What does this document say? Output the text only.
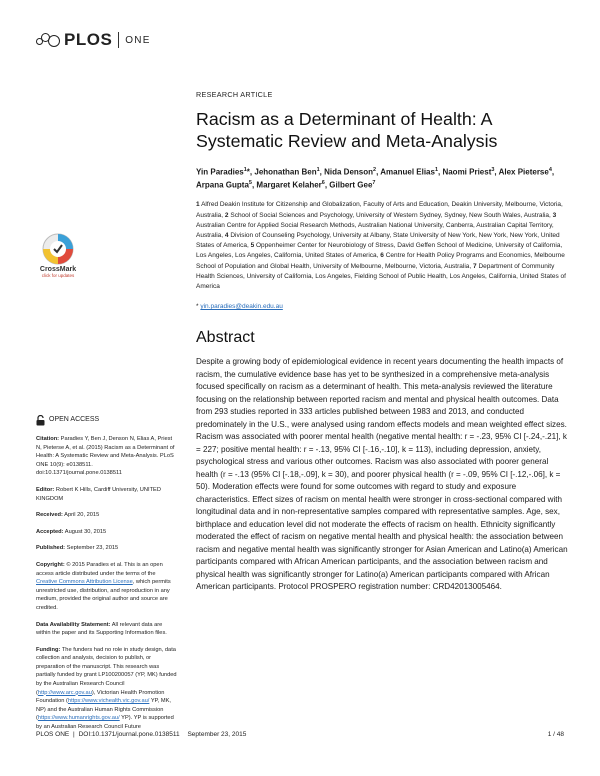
PLOS ONE
CrossMark
click for updates
OPEN ACCESS
Citation: Paradies Y, Ben J, Denson N, Elias A, Priest N, Pieterse A, et al. (2015) Racism as a Determinant of Health: A Systematic Review and Meta-Analysis. PLoS ONE 10(9): e0138511. doi:10.1371/journal.pone.0138511
Editor: Robert K Hills, Cardiff University, UNITED KINGDOM
Received: April 20, 2015
Accepted: August 30, 2015
Published: September 23, 2015
Copyright: © 2015 Paradies et al. This is an open access article distributed under the terms of the Creative Commons Attribution License, which permits unrestricted use, distribution, and reproduction in any medium, provided the original author and source are credited.
Data Availability Statement: All relevant data are within the paper and its Supporting Information files.
Funding: The funders had no role in study design, data collection and analysis, decision to publish, or preparation of the manuscript. This research was partially funded by grant LP100200057 (YP, MK) funded by the Australian Research Council (http://www.arc.gov.au), Victorian Health Promotion Foundation (https://www.vichealth.vic.gov.au/ YP, MK, NP) and the Australian Human Rights Commission (https://www.humanrights.gov.au/ YP). YP is supported by an Australian Research Council Future
RESEARCH ARTICLE
Racism as a Determinant of Health: A
Systematic Review and Meta-Analysis
Yin Paradies$^1$*, Jehonathan Ben$^1$, Nida Denson$^2$, Amanuel Elias$^1$, Naomi Priest$^3$, Alex Pieterse$^4$, Arpana Gupta$^5$, Margaret Kelaher$^6$, Gilbert Gee$^7$
1 Alfred Deakin Institute for Citizenship and Globalization, Faculty of Arts and Education, Deakin University, Melbourne, Victoria, Australia, 2 School of Social Sciences and Psychology, University of Western Sydney, Sydney, New South Wales, Australia, 3 Australian Centre for Applied Social Research Methods, Australian National University, Canberra, Australian Capital Territory, Australia, 4 Division of Counseling Psychology, University at Albany, State University of New York, New York, New York, United States of America, 5 Oppenheimer Center for Neurobiology of Stress, David Geffen School of Medicine, University of California, Los Angeles, Los Angeles, California, United States of America, 6 Centre for Health Policy Programs and Economics, Melbourne School of Population and Global Health, University of Melbourne, Melbourne, Victoria, Australia, 7 Department of Community Health Sciences, University of California, Los Angeles, Fielding School of Public Health, Los Angeles, California, United States of America
* yin.paradies@deakin.edu.au
Abstract
Despite a growing body of epidemiological evidence in recent years documenting the health impacts of racism, the cumulative evidence base has yet to be synthesized in a comprehensive meta-analysis focused specifically on racism as a determinant of health. This meta-analysis reviewed the literature focusing on the relationship between reported racism and mental and physical health outcomes. Data from 293 studies reported in 333 articles published between 1983 and 2013, and conducted predominately in the U.S., were analysed using random effects models and mean weighted effect sizes. Racism was associated with poorer mental health (negative mental health: r = -.23, 95% CI [-.24,-.21], k = 227; positive mental health: r = -.13, 95% CI [-.16,-.10], k = 113), including depression, anxiety, psychological stress and various other outcomes. Racism was also associated with poorer general health (r = -.13 (95% CI [-.18,-.09], k = 30), and poorer physical health (r = -.09, 95% CI [-.12,-.06], k = 50). Moderation effects were found for some outcomes with regard to study and exposure characteristics. Effect sizes of racism on mental health were stronger in cross-sectional compared with longitudinal data and in non-representative samples compared with representative samples. Age, sex, birthplace and education level did not moderate the effects of racism on health. Ethnicity significantly moderated the effect of racism on negative mental health and physical health: the association between racism and negative mental health was significantly stronger for Asian American and Latino(a) American participants compared with African American participants, and the association between racism and physical health was significantly stronger for Latino(a) American participants compared with African American participants. Protocol PROSPERO registration number: CRD42013005464.
PLOS ONE | DOI:10.1371/journal.pone.0138511 September 23, 2015	1 / 48
